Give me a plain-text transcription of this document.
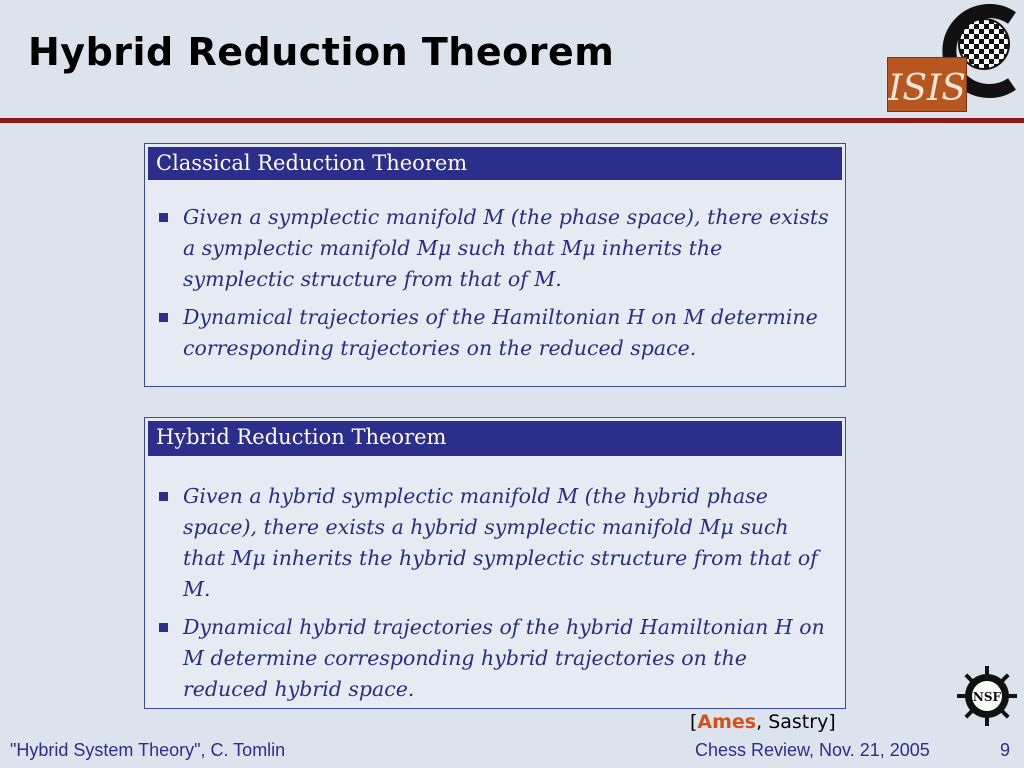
Hybrid Reduction Theorem
ISIS
Classical Reduction Theorem
Given a symplectic manifold M (the phase space), there exists a symplectic manifold Mμ such that Mμ inherits the symplectic structure from that of M.
Dynamical trajectories of the Hamiltonian H on M determine corresponding trajectories on the reduced space.
Hybrid Reduction Theorem
Given a hybrid symplectic manifold M (the hybrid phase space), there exists a hybrid symplectic manifold Mμ such that Mμ inherits the hybrid symplectic structure from that of M.
Dynamical hybrid trajectories of the hybrid Hamiltonian H on M determine corresponding hybrid trajectories on the reduced hybrid space.	NSF
[Ames, Sastry]
"Hybrid System Theory", C. Tomlin	Chess Review, Nov. 21, 2005	9
